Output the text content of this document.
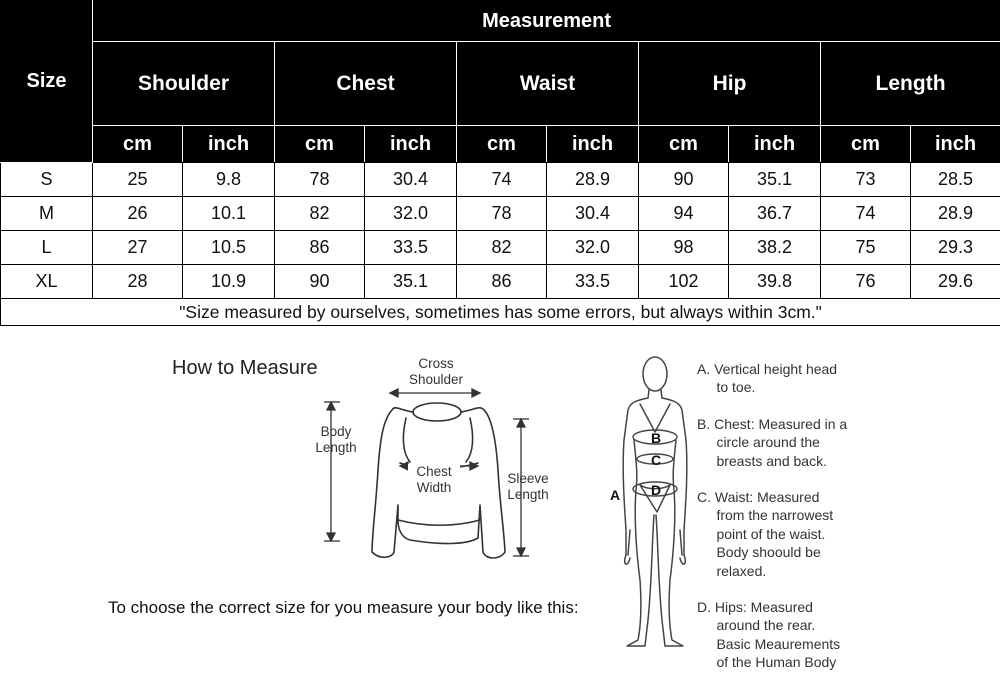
Size	Measurement									
	Shoulder		Chest		Waist		Hip		Length	
	cm	inch	cm	inch	cm	inch	cm	inch	cm	inch
S	25	9.8	78	30.4	74	28.9	90	35.1	73	28.5
M	26	10.1	82	32.0	78	30.4	94	36.7	74	28.9
L	27	10.5	86	33.5	82	32.0	98	38.2	75	29.3
XL	28	10.9	90	35.1	86	33.5	102	39.8	76	29.6
"Size measured by ourselves, sometimes has some errors, but always within 3cm."										
How to Measure
To choose the correct size for you measure your body like this:
Cross
Shoulder
Body
Length
Chest
Width
Sleeve
Length
B
C
D
A
A. Vertical height head
to toe.
B. Chest: Measured in a
circle around the
breasts and back.
C. Waist: Measured
from the narrowest
point of the waist.
Body shoould be
relaxed.
D. Hips: Measured
around the rear.
Basic Meaurements
of the Human Body
